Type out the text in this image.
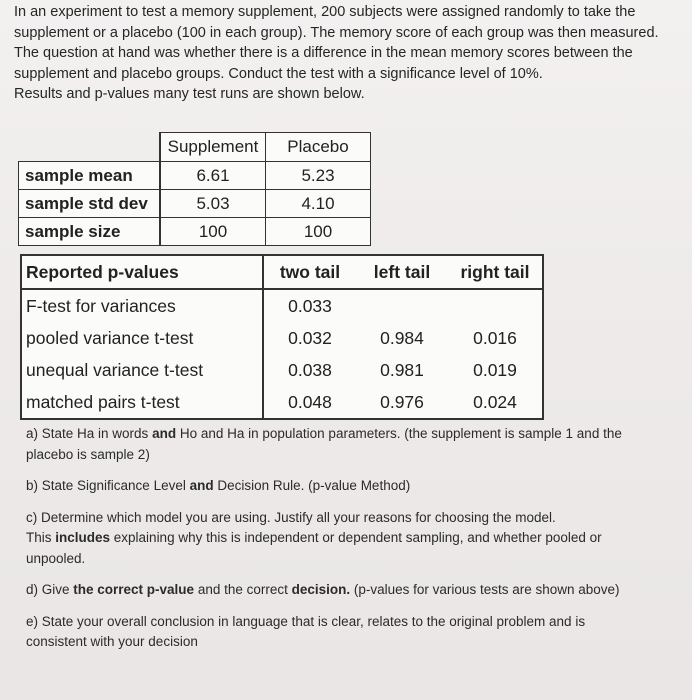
In an experiment to test a memory supplement, 200 subjects were assigned randomly to take the

supplement or a placebo (100 in each group). The memory score of each group was then measured.

The question at hand was whether there is a difference in the mean memory scores between the

supplement and placebo groups. Conduct the test with a significance level of 10%.

Results and p-values many test runs are shown below.

	Supplement	Placebo
sample mean	6.61	5.23
sample std dev	5.03	4.10
sample size	100	100
Reported p-values	two tail	left tail	right tail
F-test for variances	0.033		
pooled variance t-test	0.032	0.984	0.016
unequal variance t-test	0.038	0.981	0.019
matched pairs t-test	0.048	0.976	0.024

a) State Ha in words and Ho and Ha in population parameters. (the supplement is sample 1 and the
placebo is sample 2)

b) State Significance Level and Decision Rule. (p-value Method)

c) Determine which model you are using. Justify all your reasons for choosing the model.
This includes explaining why this is independent or dependent sampling, and whether pooled or
unpooled.

d) Give the correct p-value and the correct decision. (p-values for various tests are shown above)

e) State your overall conclusion in language that is clear, relates to the original problem and is
consistent with your decision
